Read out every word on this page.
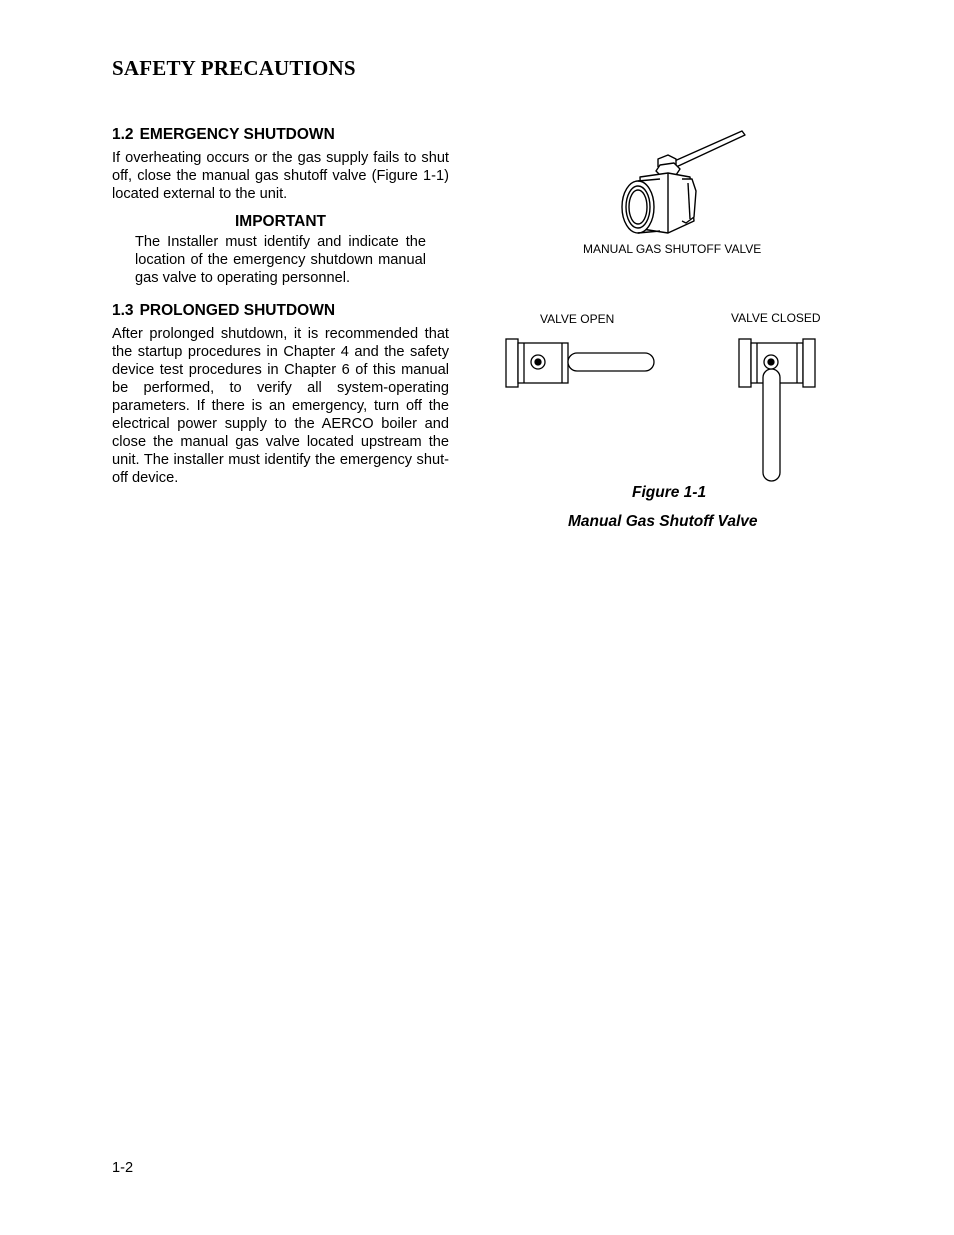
SAFETY PRECAUTIONS
1.2 EMERGENCY SHUTDOWN

If overheating occurs or the gas supply fails to shut off, close the manual gas shutoff valve (Figure 1-1) located external to the unit.

IMPORTANT

The Installer must identify and indicate the location of the emergency shutdown manual gas valve to operating personnel.

1.3 PROLONGED SHUTDOWN

After prolonged shutdown, it is recommended that the startup procedures in Chapter 4 and the safety device test procedures in Chapter 6 of this manual be performed, to verify all system-operating parameters. If there is an emergency, turn off the electrical power supply to the AERCO boiler and close the manual gas valve located upstream the unit. The installer must identify the emergency shut-off device.

MANUAL GAS SHUTOFF VALVE
VALVE OPEN	VALVE CLOSED
Figure 1-1
Manual Gas Shutoff Valve
1-2
